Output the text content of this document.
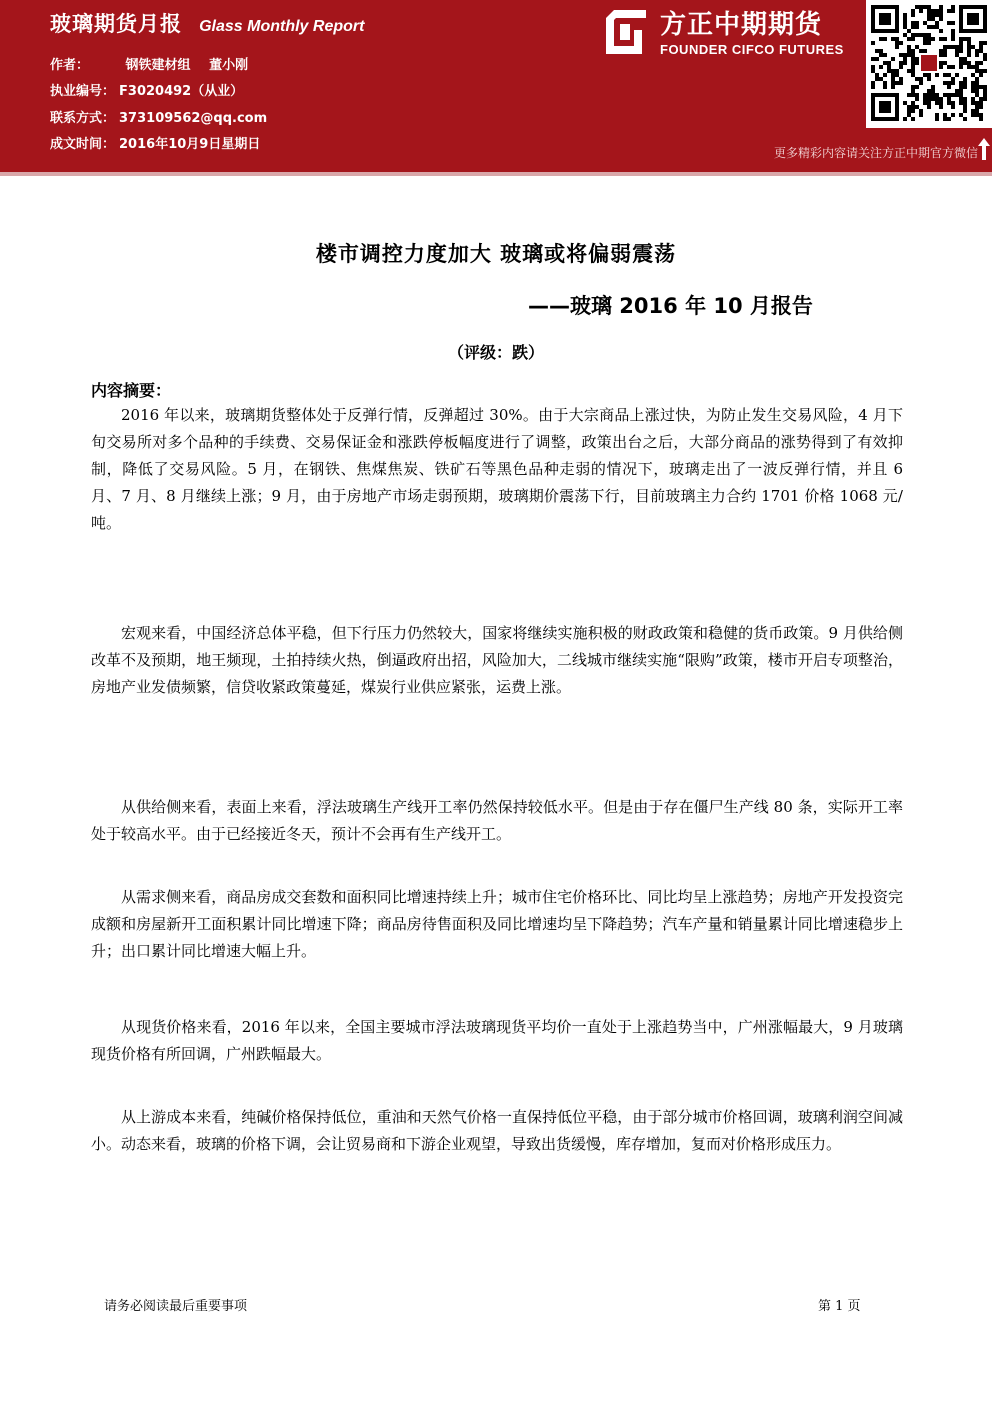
玻璃期货月报 Glass Monthly Report
作者：	钢铁建材组 董小刚
执业编号： F3020492（从业）
联系方式： 373109562@qq.com
成文时间： 2016年10月9日星期日
方正中期期货
FOUNDER CIFCO FUTURES
更多精彩内容请关注方正中期官方微信
楼市调控力度加大 玻璃或将偏弱震荡
——玻璃 2016 年 10 月报告
（评级：跌）
内容摘要：

2016 年以来，玻璃期货整体处于反弹行情，反弹超过 30%。由于大宗商品上涨过快，为防止发生交易风险，4 月下旬交易所对多个品种的手续费、交易保证金和涨跌停板幅度进行了调整，政策出台之后，大部分商品的涨势得到了有效抑制，降低了交易风险。5 月，在钢铁、焦煤焦炭、铁矿石等黑色品种走弱的情况下，玻璃走出了一波反弹行情，并且 6 月、7 月、8 月继续上涨；9 月，由于房地产市场走弱预期，玻璃期价震荡下行，目前玻璃主力合约 1701 价格 1068 元/吨。

宏观来看，中国经济总体平稳，但下行压力仍然较大，国家将继续实施积极的财政政策和稳健的货币政策。9 月供给侧改革不及预期，地王频现，土拍持续火热，倒逼政府出招，风险加大，二线城市继续实施“限购”政策，楼市开启专项整治，房地产业发债频繁，信贷收紧政策蔓延，煤炭行业供应紧张，运费上涨。

从供给侧来看，表面上来看，浮法玻璃生产线开工率仍然保持较低水平。但是由于存在僵尸生产线 80 条，实际开工率处于较高水平。由于已经接近冬天，预计不会再有生产线开工。

从需求侧来看，商品房成交套数和面积同比增速持续上升；城市住宅价格环比、同比均呈上涨趋势；房地产开发投资完成额和房屋新开工面积累计同比增速下降；商品房待售面积及同比增速均呈下降趋势；汽车产量和销量累计同比增速稳步上升；出口累计同比增速大幅上升。

从现货价格来看，2016 年以来，全国主要城市浮法玻璃现货平均价一直处于上涨趋势当中，广州涨幅最大，9 月玻璃现货价格有所回调，广州跌幅最大。

从上游成本来看，纯碱价格保持低位，重油和天然气价格一直保持低位平稳，由于部分城市价格回调，玻璃利润空间减小。动态来看，玻璃的价格下调，会让贸易商和下游企业观望，导致出货缓慢，库存增加，复而对价格形成压力。

请务必阅读最后重要事项	第 1 页
